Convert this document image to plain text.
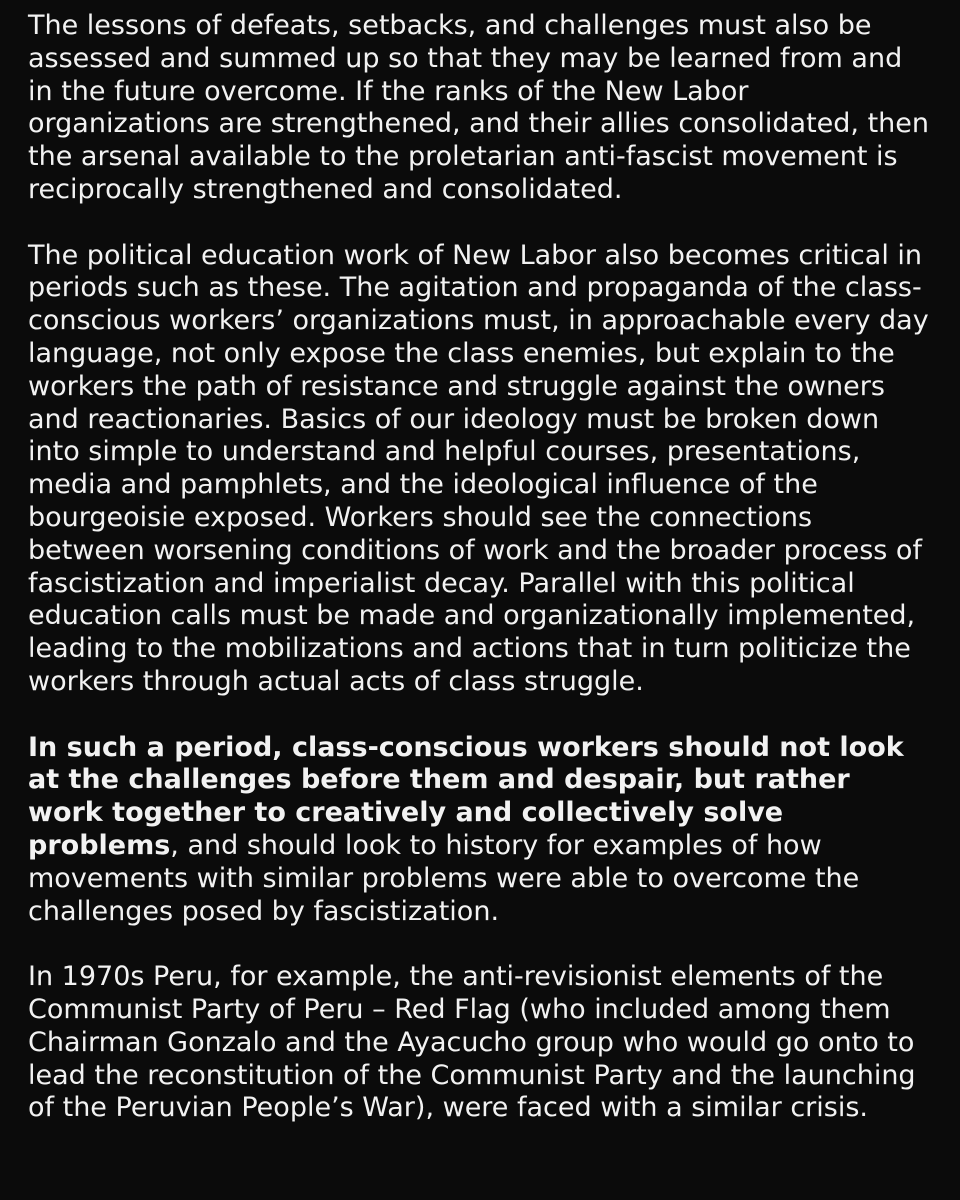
The lessons of defeats, setbacks, and challenges must also be assessed and summed up so that they may be learned from and in the future overcome. If the ranks of the New Labor organizations are strengthened, and their allies consolidated, then the arsenal available to the proletarian anti-fascist movement is reciprocally strengthened and consolidated.

The political education work of New Labor also becomes critical in periods such as these. The agitation and propaganda of the class-conscious workers’ organizations must, in approachable every day language, not only expose the class enemies, but explain to the workers the path of resistance and struggle against the owners and reactionaries. Basics of our ideology must be broken down into simple to understand and helpful courses, presentations, media and pamphlets, and the ideological influence of the bourgeoisie exposed. Workers should see the connections between worsening conditions of work and the broader process of fascistization and imperialist decay. Parallel with this political education calls must be made and organizationally implemented, leading to the mobilizations and actions that in turn politicize the workers through actual acts of class struggle.

In such a period, class-conscious workers should not look at the challenges before them and despair, but rather work together to creatively and collectively solve problems, and should look to history for examples of how movements with similar problems were able to overcome the challenges posed by fascistization.

In 1970s Peru, for example, the anti-revisionist elements of the Communist Party of Peru – Red Flag (who included among them Chairman Gonzalo and the Ayacucho group who would go onto to lead the reconstitution of the Communist Party and the launching of the Peruvian People’s War), were faced with a similar crisis.
